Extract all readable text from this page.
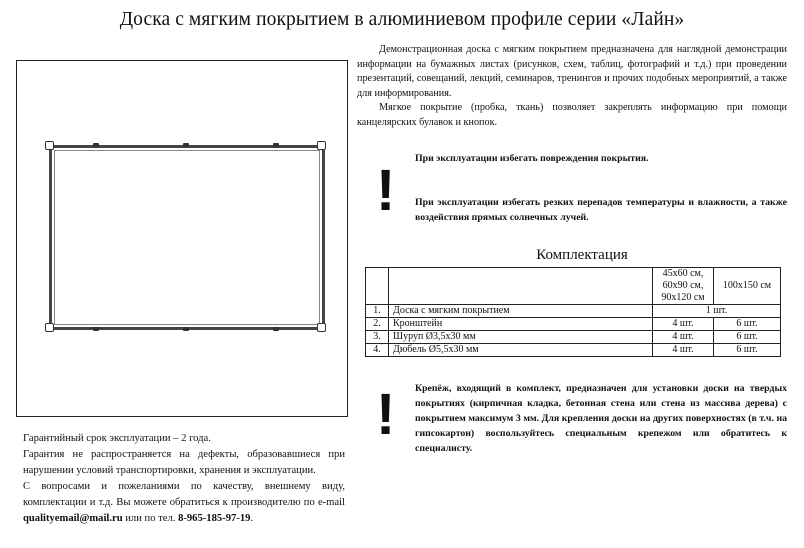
Доска с мягким покрытием в алюминиевом профиле серии «Лайн»

Демонстрационная доска с мягким покрытием предназначена для наглядной демонстрации информации на бумажных листах (рисунков, схем, таблиц, фотографий и т.д.) при проведении презентаций, совещаний, лекций, семинаров, тренингов и прочих подобных мероприятий, а также для информирования.

Мягкое покрытие (пробка, ткань) позволяет закреплять информацию при помощи канцелярских булавок и кнопок.

! При эксплуатации избегать повреждения покрытия.
При эксплуатации избегать резких перепадов температуры и влажности, а также воздействия прямых солнечных лучей.
Комплектация
		45х60 см, 60х90 см, 90х120 см	100х150 см
1.	Доска с мягким покрытием	1 шт.	
2.	Кронштейн	4 шт.	6 шт.
3.	Шуруп Ø3,5х30 мм	4 шт.	6 шт.
4.	Дюбель Ø5,5х30 мм	4 шт.	6 шт.
! Крепёж, входящий в комплект, предназначен для установки доски на твердых покрытиях (кирпичная кладка, бетонная стена или стена из массива дерева) с покрытием максимум 3 мм. Для крепления доски на других поверхностях (в т.ч. на гипсокартон) воспользуйтесь специальным крепежом или обратитесь к специалисту.

Гарантийный срок эксплуатации – 2 года.

Гарантия не распространяется на дефекты, образовавшиеся при нарушении условий транспортировки, хранения и эксплуатации.

С вопросами и пожеланиями по качеству, внешнему виду, комплектации и т.д. Вы можете обратиться к производителю по e-mail qualityemail@mail.ru или по тел. 8-965-185-97-19.
